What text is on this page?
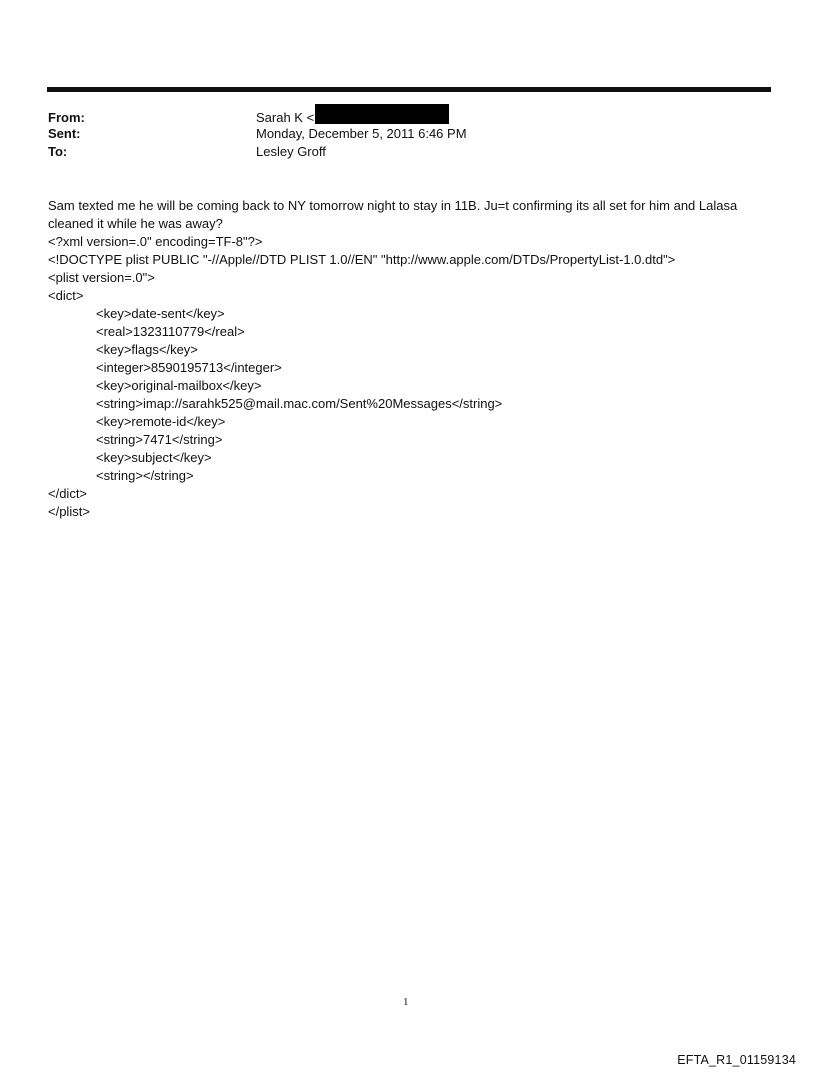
From:	Sarah K <
Sent:	Monday, December 5, 2011 6:46 PM
To:	Lesley Groff
Sam texted me he will be coming back to NY tomorrow night to stay in 11B. Ju=t confirming its all set for him and Lalasa
cleaned it while he was away?
<?xml version=.0" encoding=TF-8"?>
<!DOCTYPE plist PUBLIC "-//Apple//DTD PLIST 1.0//EN" "http://www.apple.com/DTDs/PropertyList-1.0.dtd">
<plist version=.0">
<dict>
<key>date-sent</key>
<real>1323110779</real>
<key>flags</key>
<integer>8590195713</integer>
<key>original-mailbox</key>
<string>imap://sarahk525@mail.mac.com/Sent%20Messages</string>
<key>remote-id</key>
<string>7471</string>
<key>subject</key>
<string></string>
</dict>
</plist>
1
EFTA_R1_01159134
